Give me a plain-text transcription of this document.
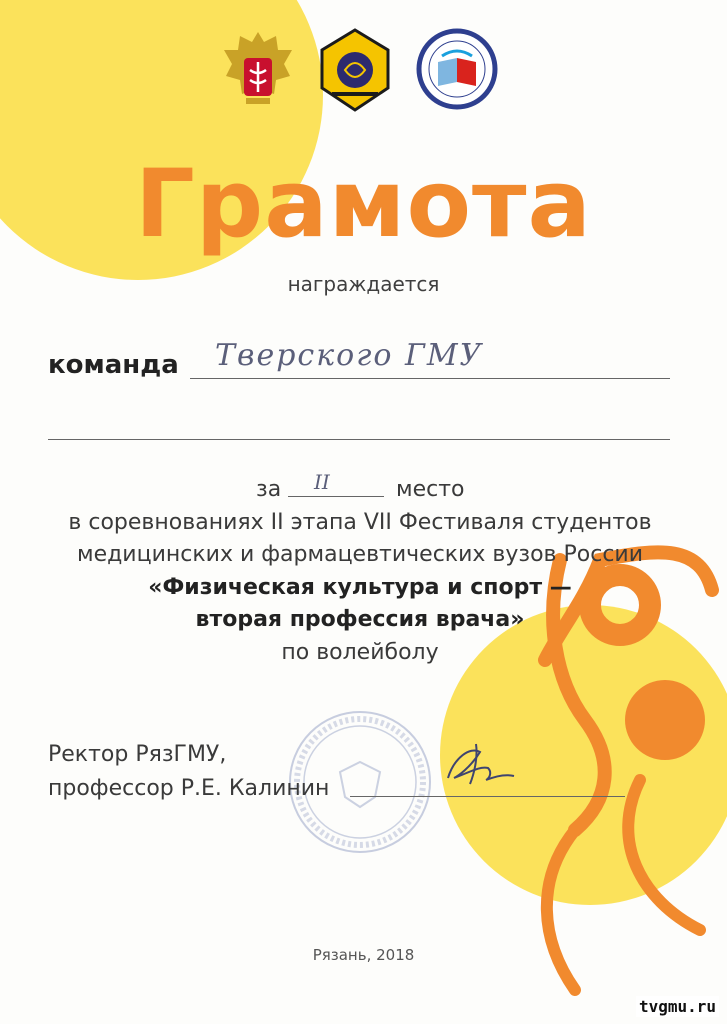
Грамота
награждается
команда Тверского ГМУ
за II	место
в соревнованиях II этапа VII Фестиваля студентов
медицинских и фармацевтических вузов России
«Физическая культура и спорт —
вторая профессия врача»
по волейболу
Ректор РязГМУ,
профессор Р.Е. Калинин
Рязань, 2018
tvgmu.ru
